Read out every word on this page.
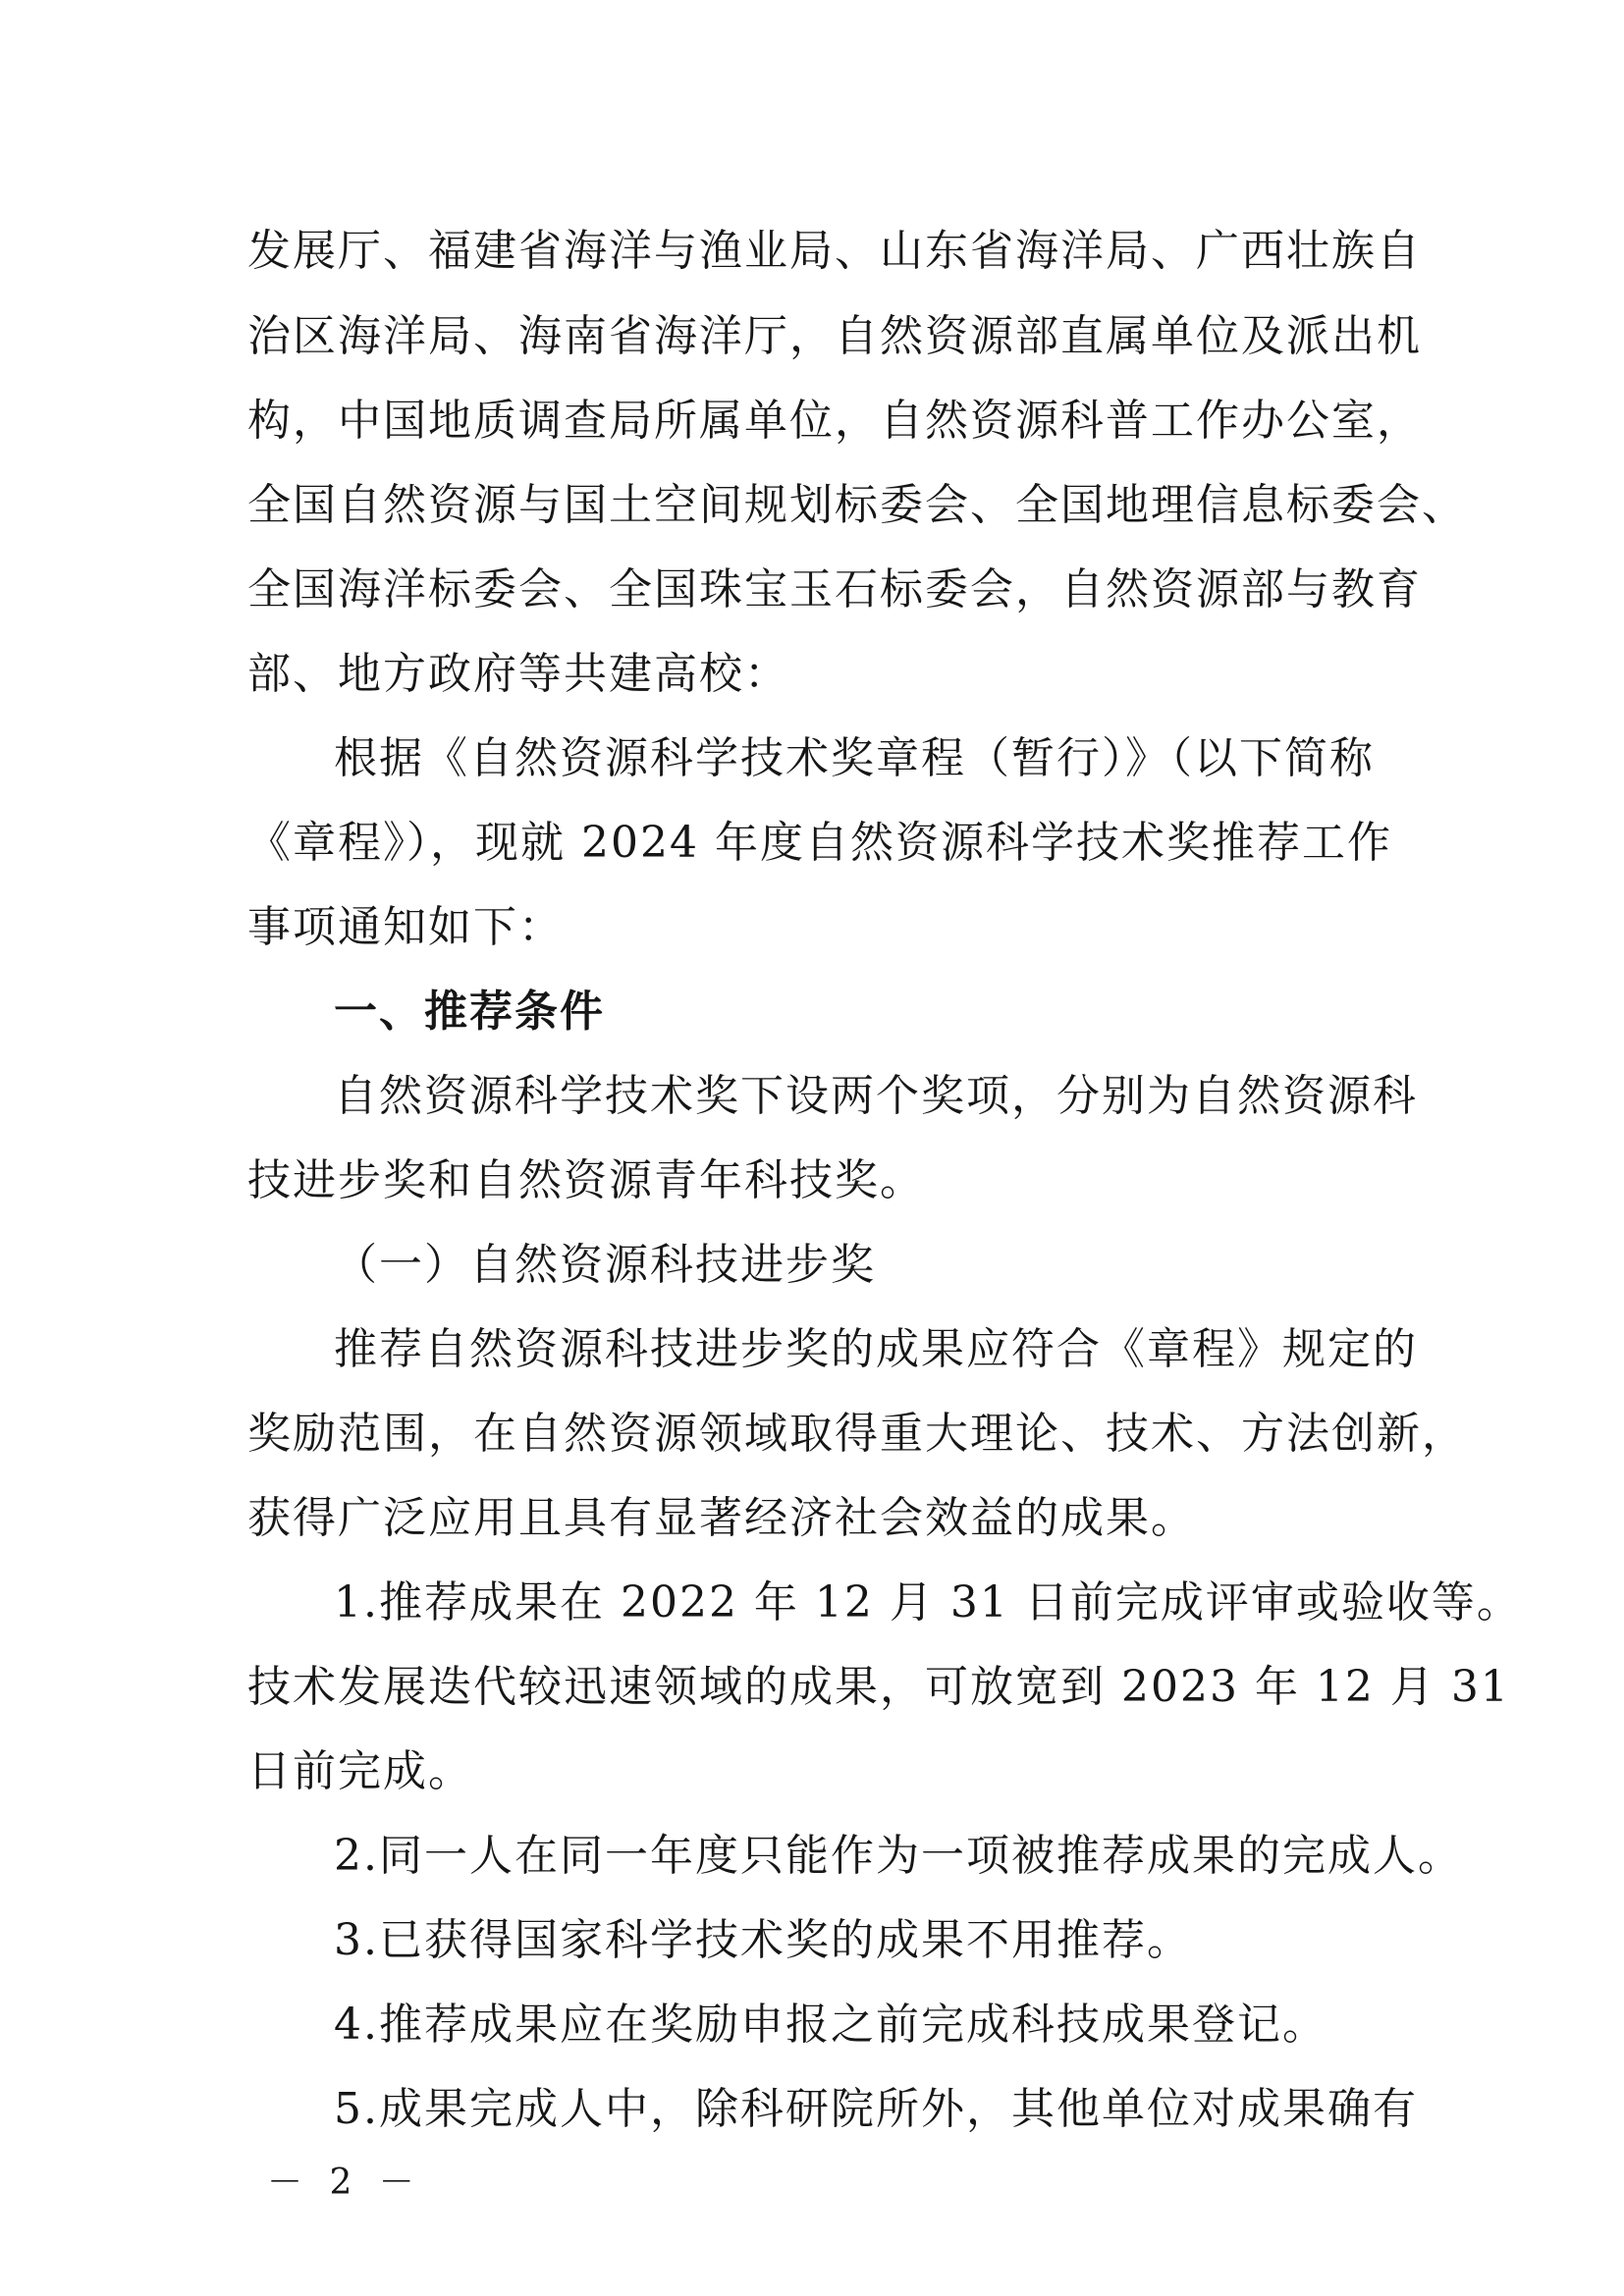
发展厅、福建省海洋与渔业局、山东省海洋局、广西壮族自
治区海洋局、海南省海洋厅，自然资源部直属单位及派出机
构，中国地质调查局所属单位，自然资源科普工作办公室，
全国自然资源与国土空间规划标委会、全国地理信息标委会、
全国海洋标委会、全国珠宝玉石标委会，自然资源部与教育
部、地方政府等共建高校：
根据《自然资源科学技术奖章程（暂行）》（以下简称
《章程》），现就 2024 年度自然资源科学技术奖推荐工作
事项通知如下：
一、推荐条件
自然资源科学技术奖下设两个奖项，分别为自然资源科
技进步奖和自然资源青年科技奖。
（一）自然资源科技进步奖
推荐自然资源科技进步奖的成果应符合《章程》规定的
奖励范围，在自然资源领域取得重大理论、技术、方法创新，
获得广泛应用且具有显著经济社会效益的成果。
1.推荐成果在 2022 年 12 月 31 日前完成评审或验收等。
技术发展迭代较迅速领域的成果，可放宽到 2023 年 12 月 31
日前完成。
2.同一人在同一年度只能作为一项被推荐成果的完成人。
3.已获得国家科学技术奖的成果不用推荐。
4.推荐成果应在奖励申报之前完成科技成果登记。
5.成果完成人中，除科研院所外，其他单位对成果确有
－ 2 －
